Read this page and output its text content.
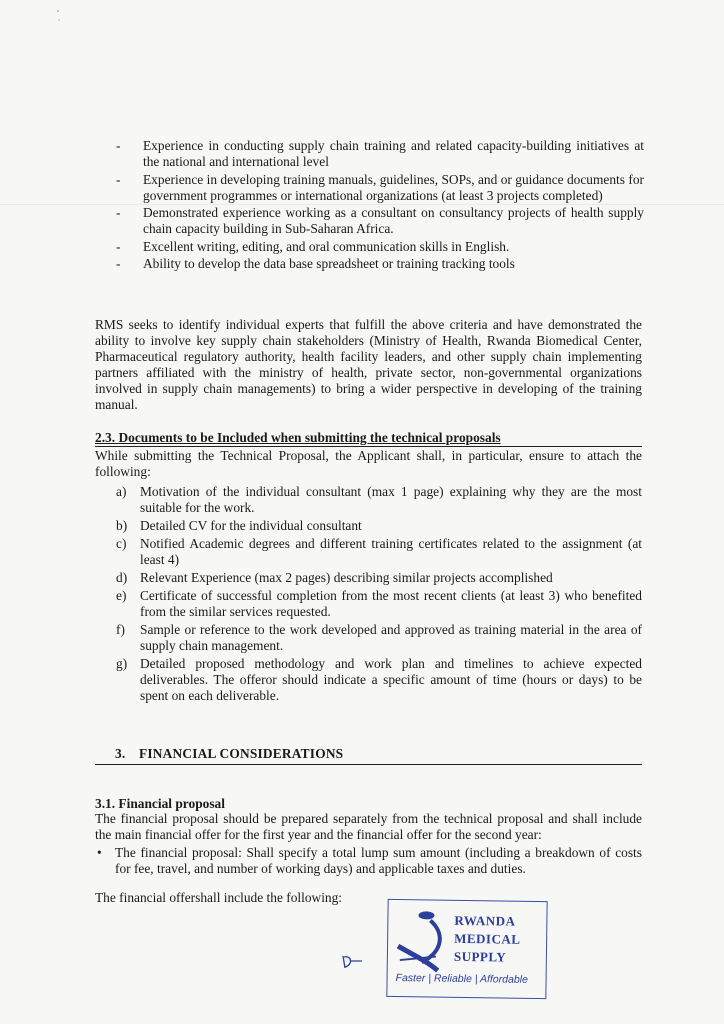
- Experience in conducting supply chain training and related capacity-building initiatives at the national and international level
- Experience in developing training manuals, guidelines, SOPs, and or guidance documents for government programmes or international organizations (at least 3 projects completed)
- Demonstrated experience working as a consultant on consultancy projects of health supply chain capacity building in Sub-Saharan Africa.
- Excellent writing, editing, and oral communication skills in English.
- Ability to develop the data base spreadsheet or training tracking tools
RMS seeks to identify individual experts that fulfill the above criteria and have demonstrated the ability to involve key supply chain stakeholders (Ministry of Health, Rwanda Biomedical Center, Pharmaceutical regulatory authority, health facility leaders, and other supply chain implementing partners affiliated with the ministry of health, private sector, non-governmental organizations involved in supply chain managements) to bring a wider perspective in developing of the training manual.
2.3. Documents to be Included when submitting the technical proposals
While submitting the Technical Proposal, the Applicant shall, in particular, ensure to attach the following:
a) Motivation of the individual consultant (max 1 page) explaining why they are the most suitable for the work.
b) Detailed CV for the individual consultant
c) Notified Academic degrees and different training certificates related to the assignment (at least 4)
d) Relevant Experience (max 2 pages) describing similar projects accomplished
e) Certificate of successful completion from the most recent clients (at least 3) who benefited from the similar services requested.
f) Sample or reference to the work developed and approved as training material in the area of supply chain management.
g) Detailed proposed methodology and work plan and timelines to achieve expected deliverables. The offeror should indicate a specific amount of time (hours or days) to be spent on each deliverable.
3. FINANCIAL CONSIDERATIONS
3.1. Financial proposal
The financial proposal should be prepared separately from the technical proposal and shall include the main financial offer for the first year and the financial offer for the second year:
• The financial proposal: Shall specify a total lump sum amount (including a breakdown of costs for fee, travel, and number of working days) and applicable taxes and duties.
The financial offershall include the following:
RWANDA
MEDICAL
SUPPLY
Faster | Reliable | Affordable
